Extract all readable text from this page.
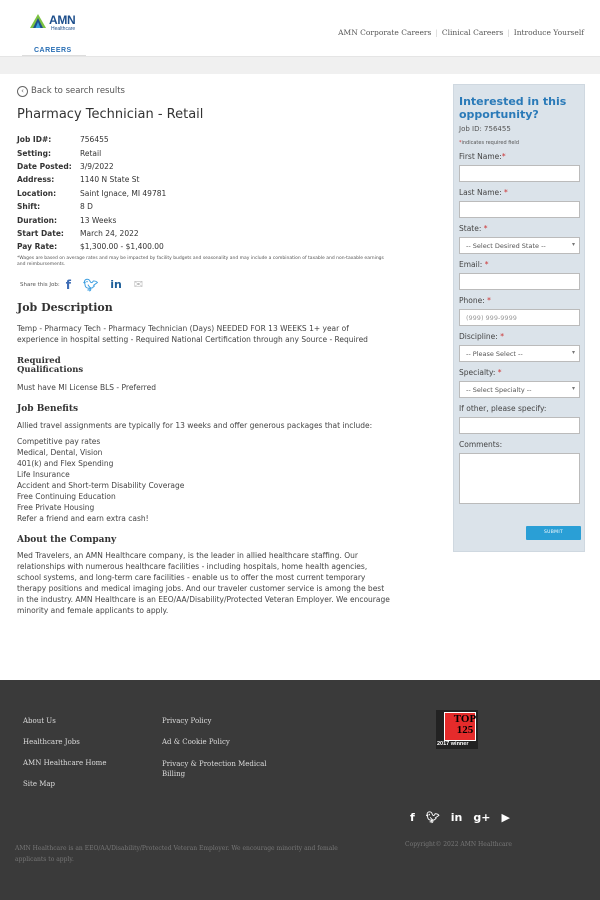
AMN
Healthcare
CAREERS
AMN Corporate Careers | Clinical Careers | Introduce Yourself
‹ Back to search results
Pharmacy Technician - Retail
Job ID#:	756455
Setting:	Retail
Date Posted:	3/9/2022
Address:	1140 N State St
Location:	Saint Ignace, MI 49781
Shift:	8 D
Duration:	13 Weeks
Start Date:	March 24, 2022
Pay Rate:	$1,300.00 - $1,400.00
*Wages are based on average rates and may be impacted by facility budgets and seasonality and may include a combination of taxable and non-taxable earnings and reimbursements.
Share this Job: f 🐦︎ in ✉
Job Description

Temp - Pharmacy Tech - Pharmacy Technician (Days) NEEDED FOR 13 WEEKS 1+ year of experience in hospital setting - Required National Certification through any Source - Required

Required Qualifications

Must have MI License BLS - Preferred

Job Benefits

Allied travel assignments are typically for 13 weeks and offer generous packages that include:

Competitive pay rates
Medical, Dental, Vision
401(k) and Flex Spending
Life Insurance
Accident and Short-term Disability Coverage
Free Continuing Education
Free Private Housing
Refer a friend and earn extra cash!
About the Company

Med Travelers, an AMN Healthcare company, is the leader in allied healthcare staffing. Our relationships with numerous healthcare facilities - including hospitals, home health agencies, school systems, and long-term care facilities - enable us to offer the most current temporary therapy positions and medical imaging jobs. And our traveler customer service is among the best in the industry. AMN Healthcare is an EEO/AA/Disability/Protected Veteran Employer. We encourage minority and female applicants to apply.

Interested in this opportunity?
Job ID: 756455
*indicates required field
First Name:*
Last Name: *
State: *
-- Select Desired State -- ▾
Email: *
Phone: *
(999) 999-9999
Discipline: *
-- Please Select -- ▾
Specialty: *
-- Select Specialty -- ▾
If other, please specify:
Comments:
SUBMIT
About Us
Healthcare Jobs
AMN Healthcare Home
Site Map
Privacy Policy
Ad & Cookie Policy
Privacy & Protection Medical Billing
TOP 125
2017 winner
f 🐦︎ in g+ ▶
AMN Healthcare is an EEO/AA/Disability/Protected Veteran Employer. We encourage minority and female applicants to apply.
Copyright© 2022 AMN Healthcare
